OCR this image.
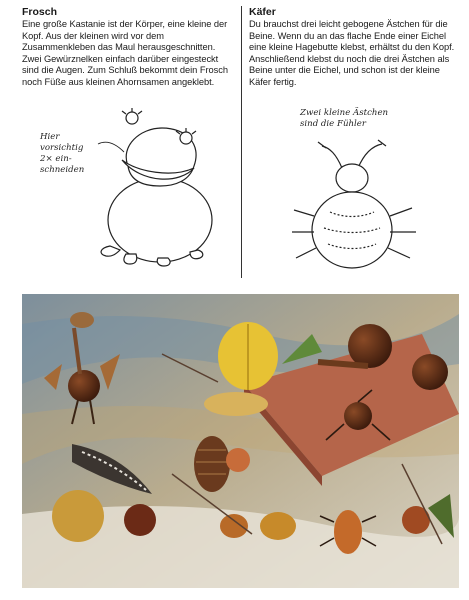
Frosch

Eine große Kastanie ist der Körper, eine kleine der Kopf. Aus der kleinen wird vor dem Zusammenkleben das Maul herausgeschnitten. Zwei Gewürznelken einfach darüber eingesteckt sind die Augen. Zum Schluß bekommt dein Frosch noch Füße aus kleinen Ahornsamen angeklebt.

Käfer

Du brauchst drei leicht gebogene Ästchen für die Beine. Wenn du an das flache Ende einer Eichel eine kleine Hagebutte klebst, erhältst du den Kopf. Anschließend klebst du noch die drei Ästchen als Beine unter die Eichel, und schon ist der kleine Käfer fertig.

Hier
vorsichtig
2× ein-
schneiden
Zwei kleine Ästchen
sind die Fühler
